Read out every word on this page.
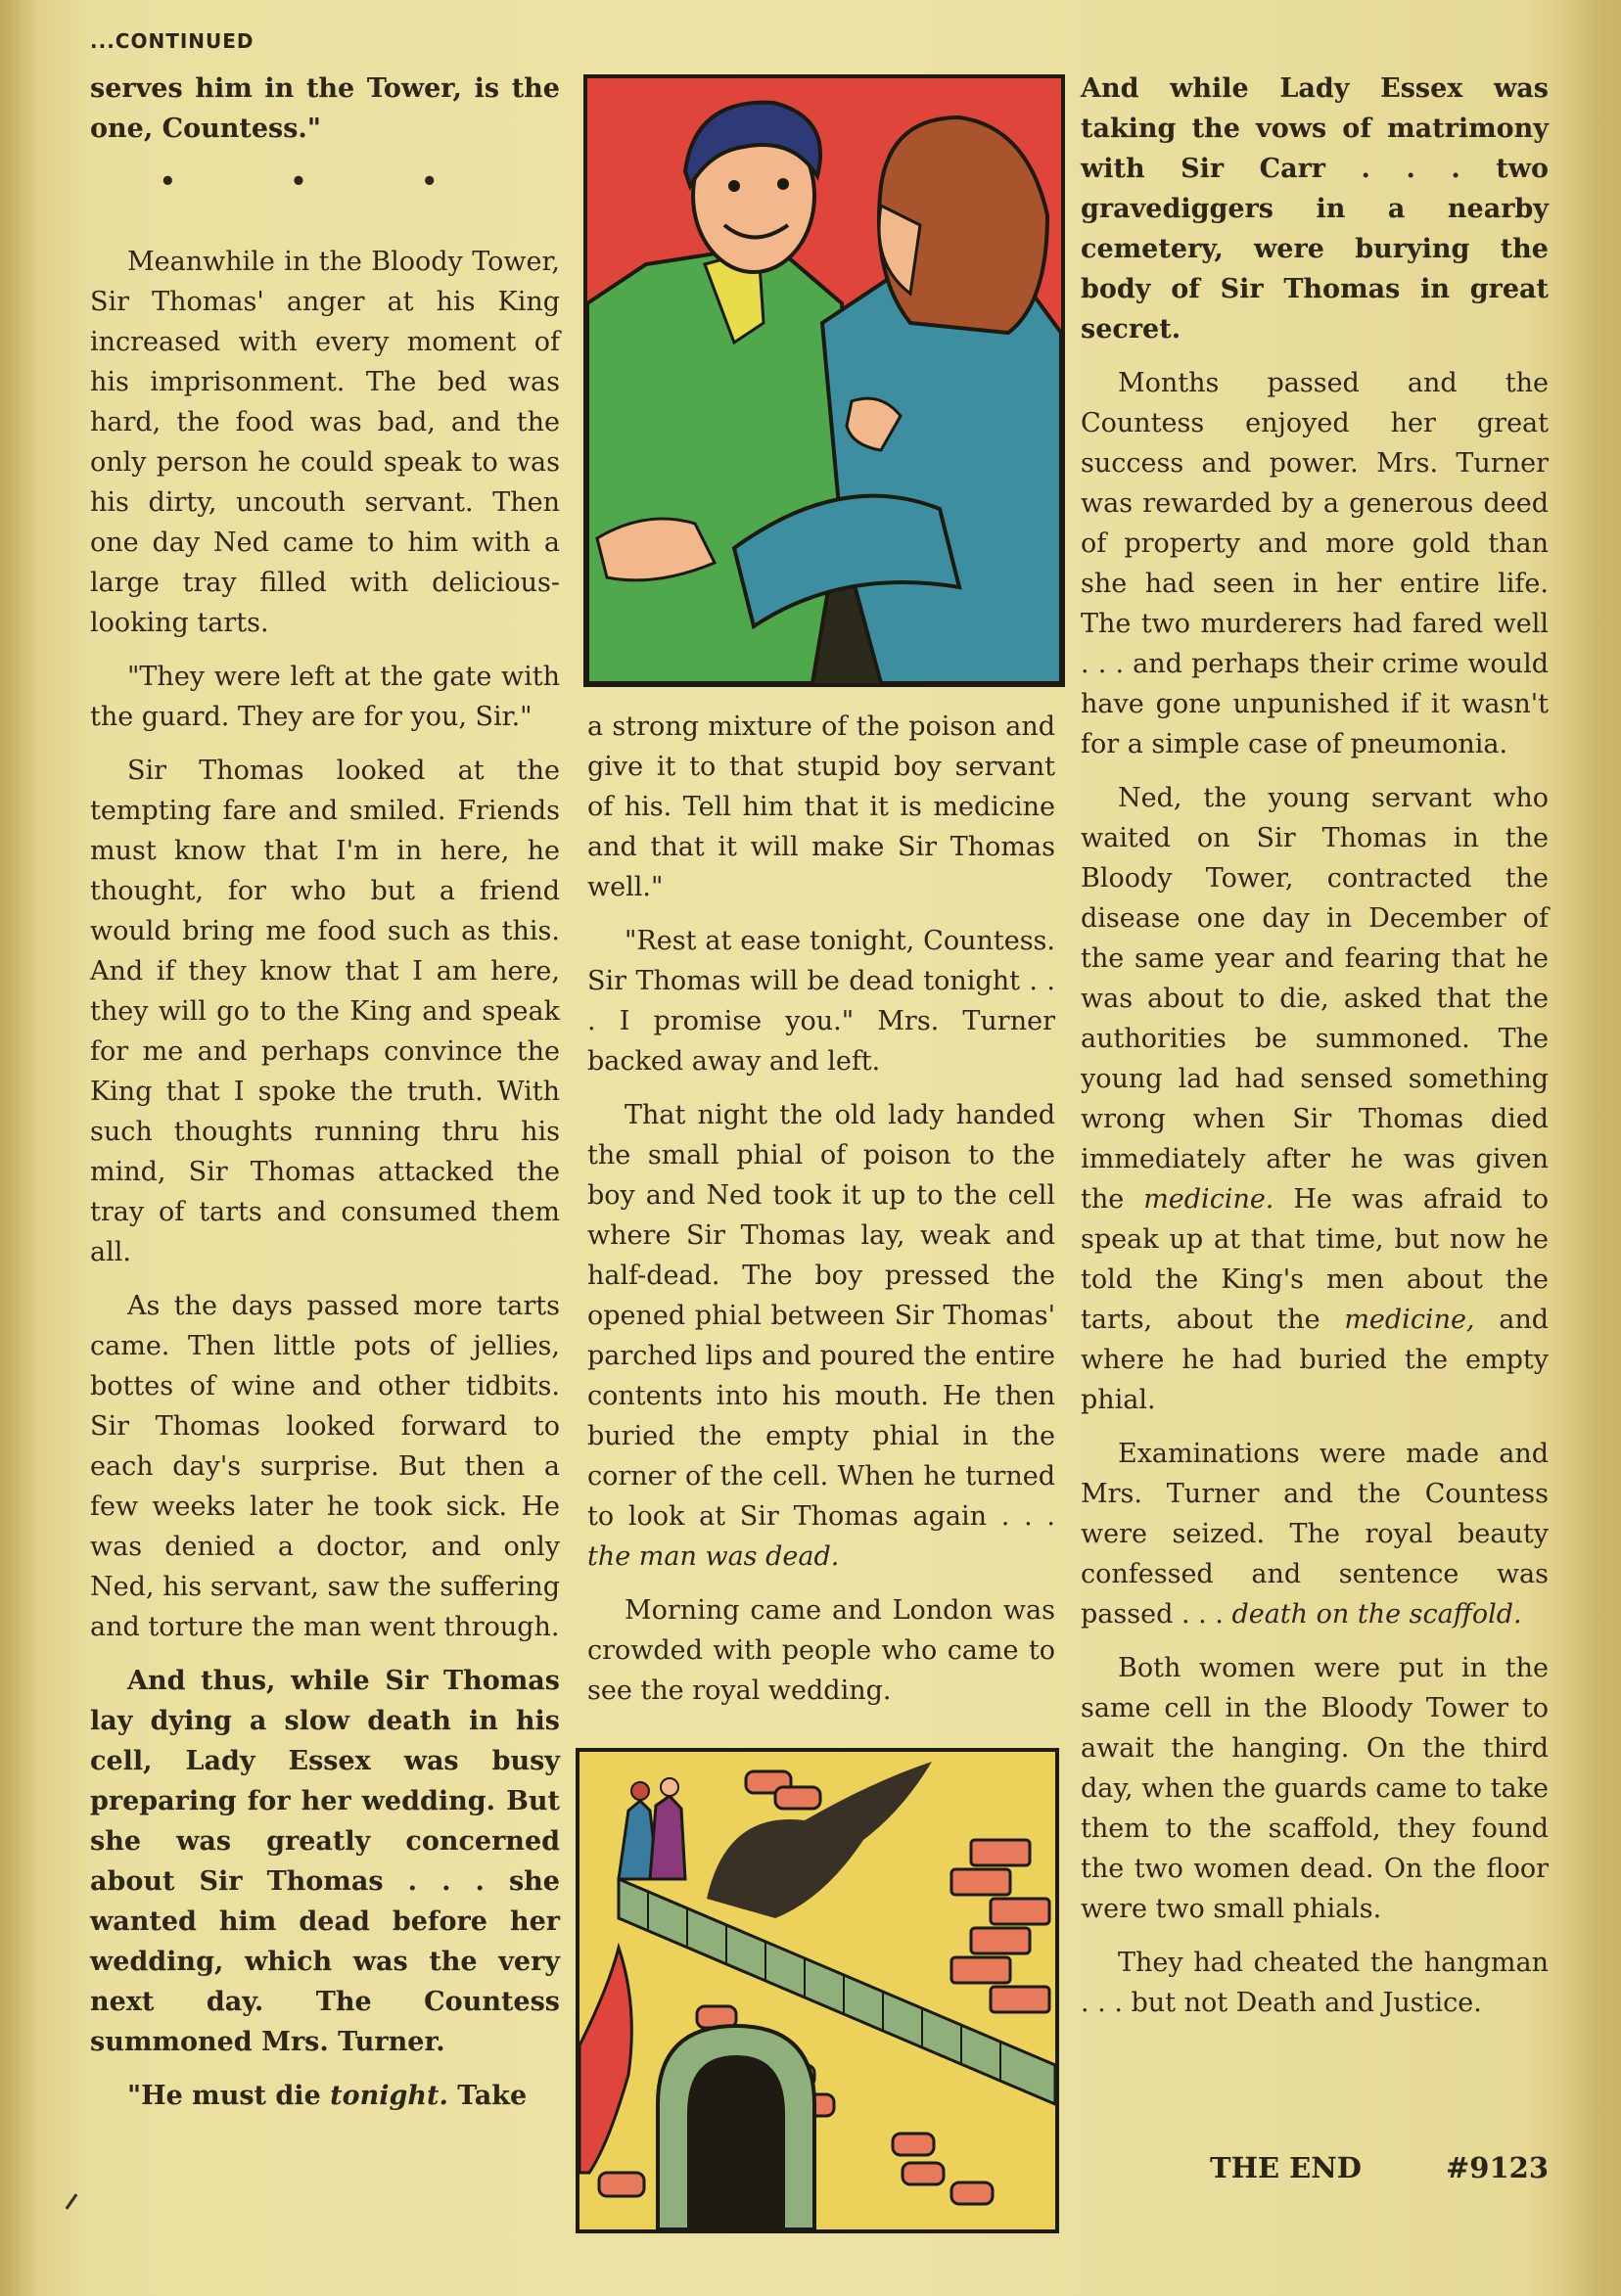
...CONTINUED

serves him in the Tower, is the one, Countess."

• • •

Meanwhile in the Bloody Tower, Sir Thomas' anger at his King increased with every moment of his imprisonment. The bed was hard, the food was bad, and the only person he could speak to was his dirty, uncouth servant. Then one day Ned came to him with a large tray filled with delicious-looking tarts.

"They were left at the gate with the guard. They are for you, Sir."

Sir Thomas looked at the tempting fare and smiled. Friends must know that I'm in here, he thought, for who but a friend would bring me food such as this. And if they know that I am here, they will go to the King and speak for me and perhaps convince the King that I spoke the truth. With such thoughts running thru his mind, Sir Thomas attacked the tray of tarts and consumed them all.

As the days passed more tarts came. Then little pots of jellies, bottes of wine and other tidbits. Sir Thomas looked forward to each day's surprise. But then a few weeks later he took sick. He was denied a doctor, and only Ned, his servant, saw the suffering and torture the man went through.

And thus, while Sir Thomas lay dying a slow death in his cell, Lady Essex was busy preparing for her wedding. But she was greatly concerned about Sir Thomas . . . she wanted him dead before her wedding, which was the very next day. The Countess summoned Mrs. Turner.

"He must die tonight. Take

a strong mixture of the poison and give it to that stupid boy servant of his. Tell him that it is medicine and that it will make Sir Thomas well."

"Rest at ease tonight, Countess. Sir Thomas will be dead tonight . . . I promise you." Mrs. Turner backed away and left.

That night the old lady handed the small phial of poison to the boy and Ned took it up to the cell where Sir Thomas lay, weak and half-dead. The boy pressed the opened phial between Sir Thomas' parched lips and poured the entire contents into his mouth. He then buried the empty phial in the corner of the cell. When he turned to look at Sir Thomas again . . . the man was dead.

Morning came and London was crowded with people who came to see the royal wedding.

And while Lady Essex was taking the vows of matrimony with Sir Carr . . . two gravediggers in a nearby cemetery, were burying the body of Sir Thomas in great secret.

Months passed and the Countess enjoyed her great success and power. Mrs. Turner was rewarded by a generous deed of property and more gold than she had seen in her entire life. The two murderers had fared well . . . and perhaps their crime would have gone unpunished if it wasn't for a simple case of pneumonia.

Ned, the young servant who waited on Sir Thomas in the Bloody Tower, contracted the disease one day in December of the same year and fearing that he was about to die, asked that the authorities be summoned. The young lad had sensed something wrong when Sir Thomas died immediately after he was given the medicine. He was afraid to speak up at that time, but now he told the King's men about the tarts, about the medicine, and where he had buried the empty phial.

Examinations were made and Mrs. Turner and the Countess were seized. The royal beauty confessed and sentence was passed . . . death on the scaffold.

Both women were put in the same cell in the Bloody Tower to await the hanging. On the third day, when the guards came to take them to the scaffold, they found the two women dead. On the floor were two small phials.

They had cheated the hangman . . . but not Death and Justice.

THE END	#9123
